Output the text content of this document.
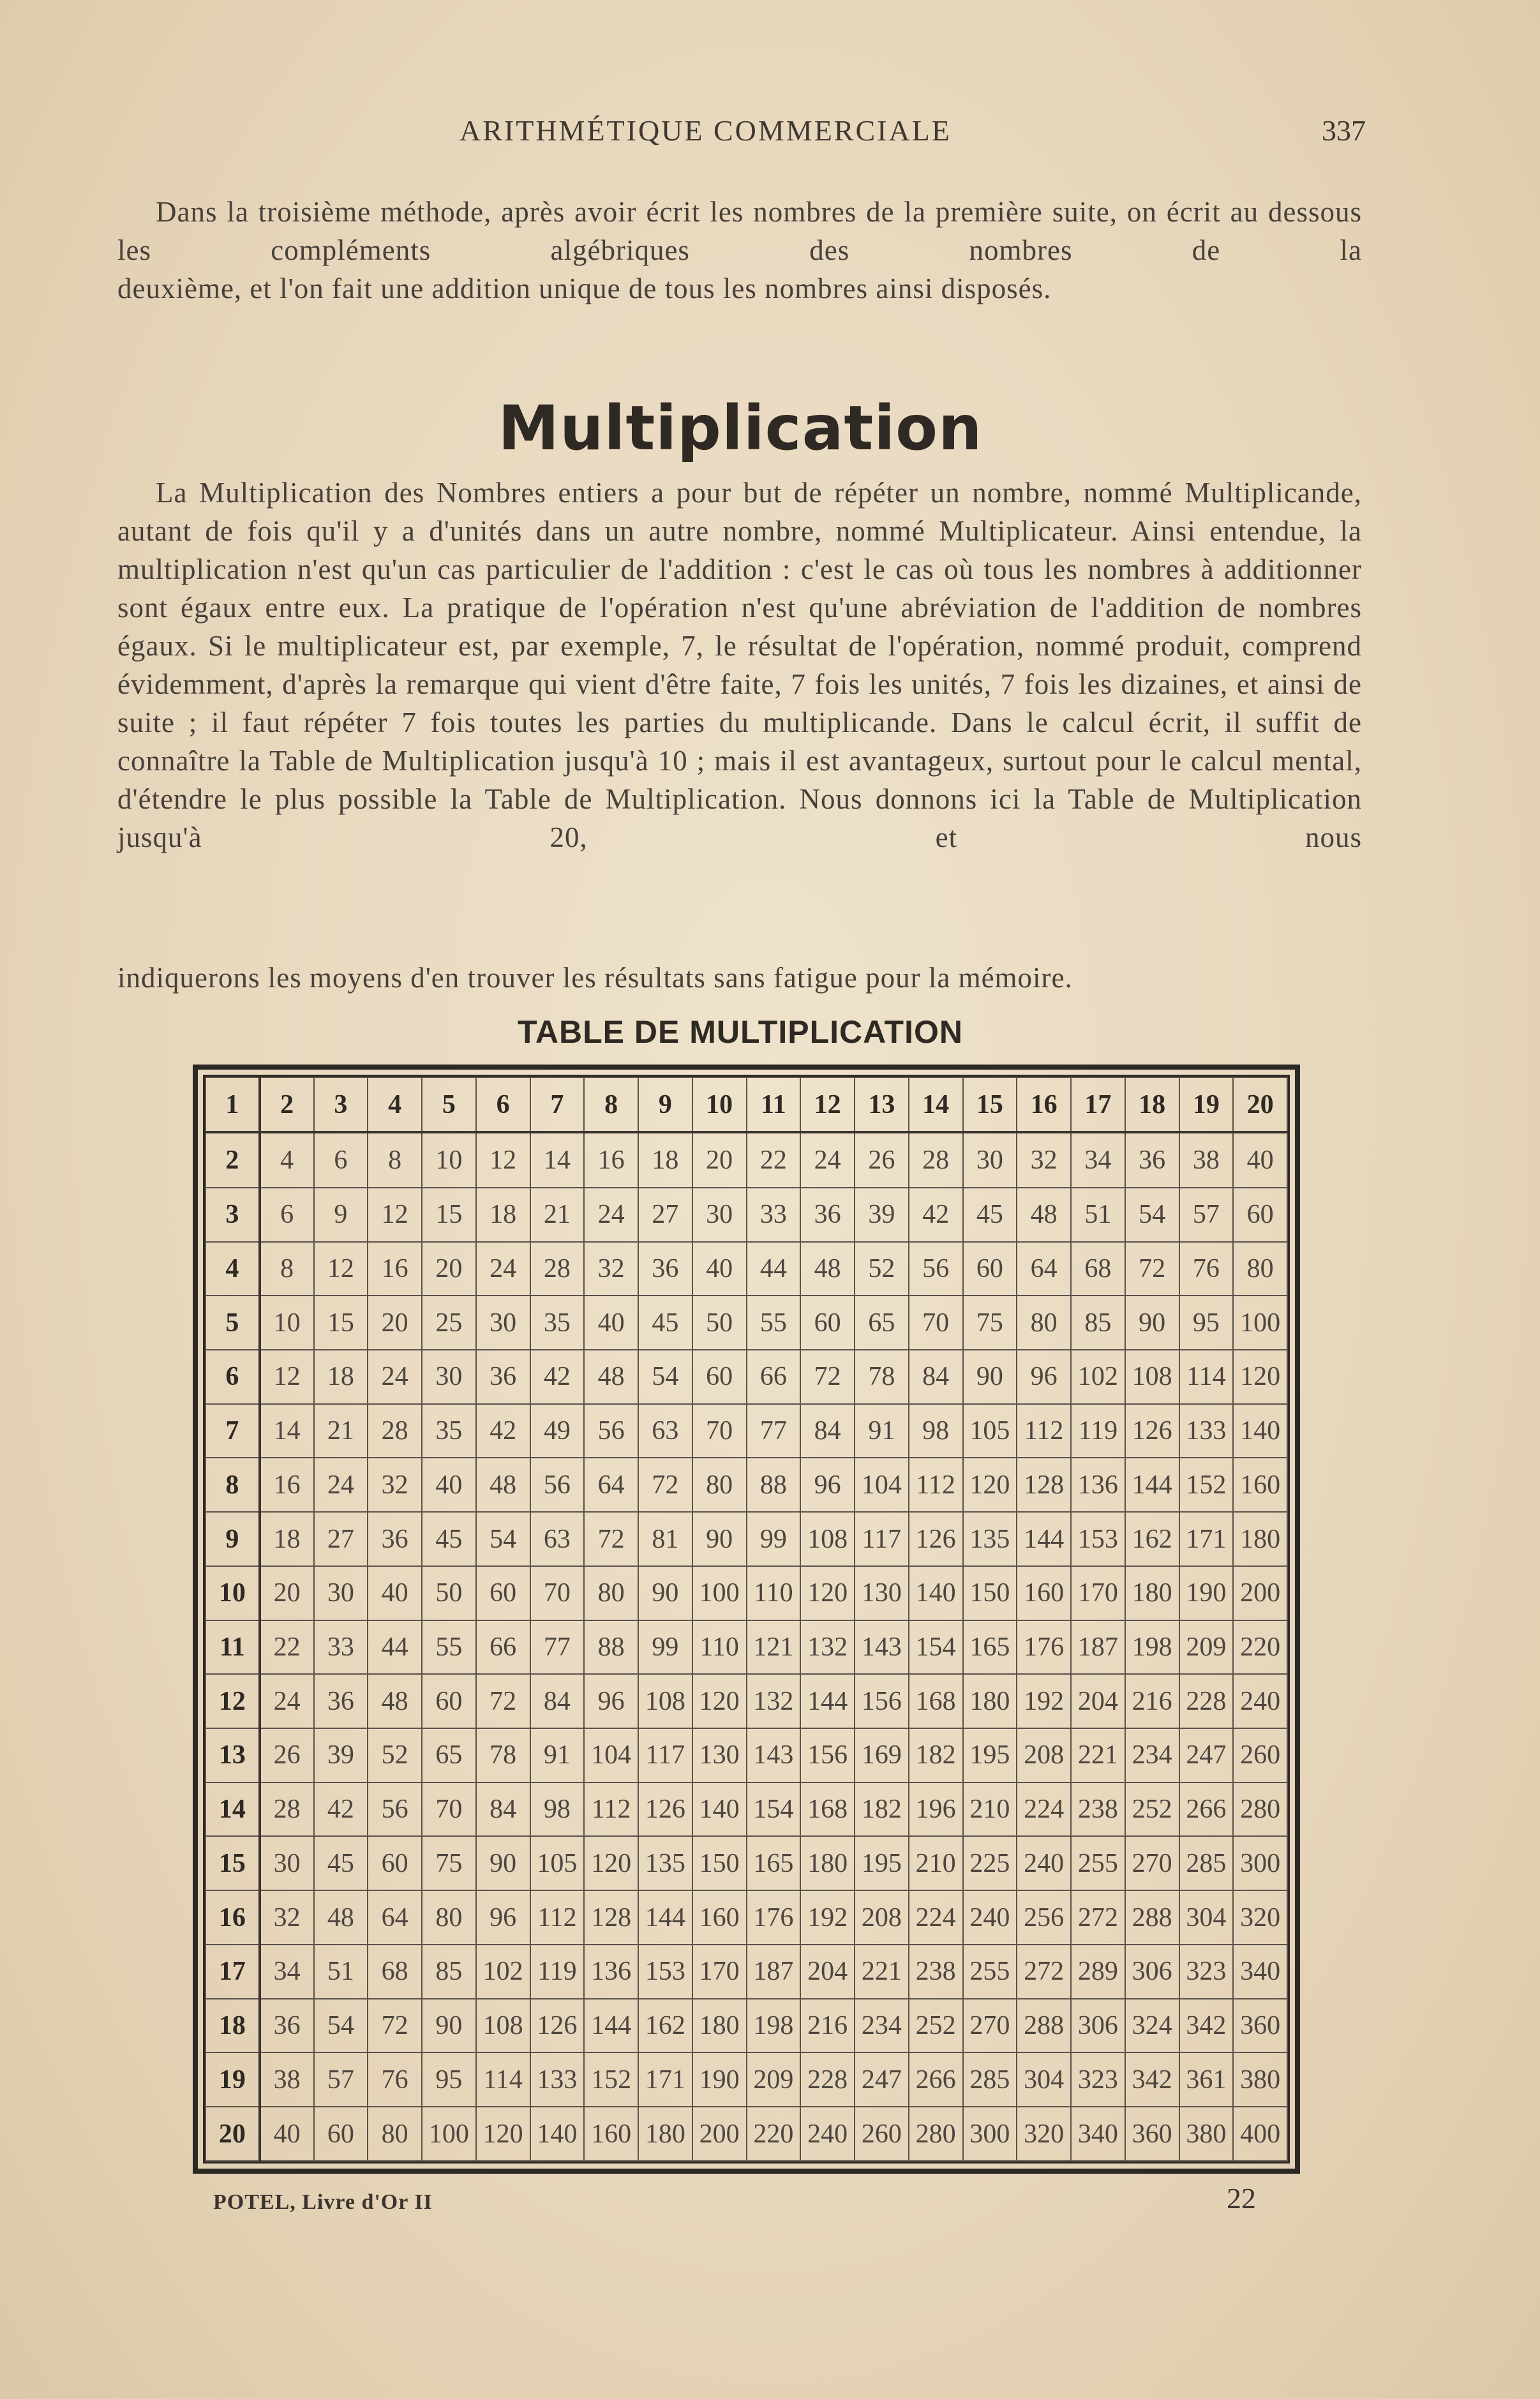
ARITHMÉTIQUE COMMERCIALE	337

Dans la troisième méthode, après avoir écrit les nombres de la première suite, on écrit au dessous les compléments algébriques des nombres de la

deuxième, et l'on fait une addition unique de tous les nombres ainsi disposés.

Multiplication

La Multiplication des Nombres entiers a pour but de répéter un nombre, nommé Multiplicande, autant de fois qu'il y a d'unités dans un autre nombre, nommé Multiplicateur. Ainsi entendue, la multiplication n'est qu'un cas particulier de l'addition : c'est le cas où tous les nombres à additionner sont égaux entre eux. La pratique de l'opération n'est qu'une abréviation de l'addition de nombres égaux. Si le multiplicateur est, par exemple, 7, le résultat de l'opération, nommé produit, comprend évidemment, d'après la remarque qui vient d'être faite, 7 fois les unités, 7 fois les dizaines, et ainsi de suite ; il faut répéter 7 fois toutes les parties du multiplicande. Dans le calcul écrit, il suffit de connaître la Table de Multiplication jusqu'à 10 ; mais il est avantageux, surtout pour le calcul mental, d'étendre le plus possible la Table de Multiplication. Nous donnons ici la Table de Multiplication jusqu'à 20, et nous

indiquerons les moyens d'en trouver les résultats sans fatigue pour la mémoire.

TABLE DE MULTIPLICATION
1	2	3	4	5	6	7	8	9	10	11	12	13	14	15	16	17	18	19	20
2	4	6	8	10	12	14	16	18	20	22	24	26	28	30	32	34	36	38	40
3	6	9	12	15	18	21	24	27	30	33	36	39	42	45	48	51	54	57	60
4	8	12	16	20	24	28	32	36	40	44	48	52	56	60	64	68	72	76	80
5	10	15	20	25	30	35	40	45	50	55	60	65	70	75	80	85	90	95	100
6	12	18	24	30	36	42	48	54	60	66	72	78	84	90	96	102	108	114	120
7	14	21	28	35	42	49	56	63	70	77	84	91	98	105	112	119	126	133	140
8	16	24	32	40	48	56	64	72	80	88	96	104	112	120	128	136	144	152	160
9	18	27	36	45	54	63	72	81	90	99	108	117	126	135	144	153	162	171	180
10	20	30	40	50	60	70	80	90	100	110	120	130	140	150	160	170	180	190	200
11	22	33	44	55	66	77	88	99	110	121	132	143	154	165	176	187	198	209	220
12	24	36	48	60	72	84	96	108	120	132	144	156	168	180	192	204	216	228	240
13	26	39	52	65	78	91	104	117	130	143	156	169	182	195	208	221	234	247	260
14	28	42	56	70	84	98	112	126	140	154	168	182	196	210	224	238	252	266	280
15	30	45	60	75	90	105	120	135	150	165	180	195	210	225	240	255	270	285	300
16	32	48	64	80	96	112	128	144	160	176	192	208	224	240	256	272	288	304	320
17	34	51	68	85	102	119	136	153	170	187	204	221	238	255	272	289	306	323	340
18	36	54	72	90	108	126	144	162	180	198	216	234	252	270	288	306	324	342	360
19	38	57	76	95	114	133	152	171	190	209	228	247	266	285	304	323	342	361	380
20	40	60	80	100	120	140	160	180	200	220	240	260	280	300	320	340	360	380	400
POTEL, Livre d'Or II	22
